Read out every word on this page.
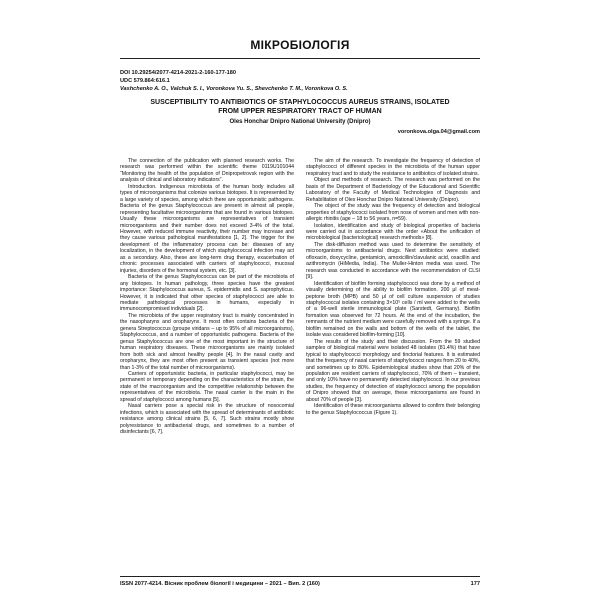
МІКРОБІОЛОГІЯ
DOI 10.29254/2077-4214-2021-2-160-177-180
UDC 579.864:616.1
Vashchenko A. O., Valchuk S. I., Voronkova Yu. S., Shevchenko T. M., Voronkova O. S.
SUSCEPTIBILITY TO ANTIBIOTICS OF STAPHYLOCOCCUS AUREUS STRAINS, ISOLATED
FROM UPPER RESPIRATORY TRACT OF HUMAN
Oles Honchar Dnipro National University (Dnipro)
voronkova.olga.04@gmail.com

The connection of the publication with planned research works. The research was performed within the scientific theme 0119U101044 “Monitoring the health of the population of Dnipropetrovsk region with the analysis of clinical and laboratory indicators”.

Introduction. Indigenous microbiota of the human body includes all types of microorganisms that colonize various biotopes. It is represented by a large variety of species, among which there are opportunistic pathogens. Bacteria of the genus Staphylococcus are present in almost all people, representing facultative microorganisms that are found in various biotopes. Usually these microorganisms are representatives of transient microorganisms and their number does not exceed 3-4% of the total. However, with reduced immune reactivity, their number may increase and they cause various pathological manifestations [1, 2]. The trigger for the development of the inflammatory process can be: diseases of any localization, in the development of which staphylococcal infection may act as a secondary. Also, these are long-term drug therapy, exacerbation of chronic processes associated with carriers of staphylococci, mucosal injuries, disorders of the hormonal system, etc. [3].

Bacteria of the genus Staphylococcus can be part of the microbiota of any biotopes. In human pathology, three species have the greatest importance: Staphylococcus aureus, S. epidermidis and S. saprophyticus. However, it is indicated that other species of staphylococci are able to mediate pathological processes in humans, especially in immunocompromised individuals [2].

The microbiota of the upper respiratory tract is mainly concentrated in the nasopharynx and oropharynx. It most often contains bacteria of the genera Streptococcus (groupe viridans – up to 95% of all microorganisms), Staphylococcus, and a number of opportunistic pathogens. Bacteria of the genus Staphylococcus are one of the most important in the structure of human respiratory diseases. These microorganisms are mainly isolated from both sick and almost healthy people [4]. In the nasal cavity and oropharynx, they are most often present as transient species (not more than 1-3% of the total number of microorganisms).

Carriers of opportunistic bacteria, in particular staphylococci, may be permanent or temporary depending on the characteristics of the strain, the state of the macroorganism and the competitive relationship between the representatives of the microbiota. The nasal carrier is the main in the spread of staphylococci among humans [5].

Nasal carriers pose a special risk in the structure of nosocomial infections, which is associated with the spread of determinants of antibiotic resistance among clinical strains [5, 6, 7]. Such strains mostly show polyresistance to antibacterial drugs, and sometimes to a number of disinfectants [6, 7].

The aim of the research. To investigate the frequency of detection of staphylococci of different species in the microbiota of the human upper respiratory tract and to study the resistance to antibiotics of isolated strains.

Object and methods of research. The research was performed on the basis of the Department of Bacteriology of the Educational and Scientific Laboratory of the Faculty of Medical Technologies of Diagnosis and Rehabilitation of Oles Honchar Dnipro National University (Dnipro).

The object of the study was the frequency of detection and biological properties of staphylococci isolated from nose of women and men with non-allergic rhinitis (age – 18 to 56 years, n=59).

Isolation, identification and study of biological properties of bacteria were carried out in accordance with the order «About the unification of microbiological (bacteriological) research methods» [8].

The disk-diffusion method was used to determine the sensitivity of microorganisms to antibacterial drugs. Next antibiotics were studied: ofloxacin, doxycycline, gentamicin, amoxicillin/clavulanic acid, oxacillin and azithromycin (HiMedia, India). The Muller-Hinton media was used. The research was conducted in accordance with the recommendation of CLSI [9].

Identification of biofilm forming staphylococci was done by a method of visually determining of the ability to biofilm formation. 200 μl of meat-peptone broth (MPB) and 50 μl of cell culture suspension of studies staphylococcal isolates containing 3×10⁵ cells / ml were added to the wells of a 96-well sterile immunological plate (Sarstedt, Germany). Biofilm formation was observed for 72 hours. At the end of the incubation, the remnants of the nutrient medium were carefully removed with a syringe. If a biofilm remained on the walls and bottom of the wells of the tablet, the isolate was considered biofilm-forming [10].

The results of the study and their discussion. From the 59 studied samples of biological material were isolated 48 isolates (81.4%) that have typical to staphylococci morphology and tinctorial features. It is estimated that the frequency of nasal carriers of staphylococci ranges from 20 to 40%, and sometimes up to 80%. Epidemiological studies show that 20% of the population are resident carriers of staphylococci, 70% of them – transient, and only 10% have no permanently detected staphylococci. In our previous studies, the frequency of detection of staphylococci among the population of Dnipro showed that on average, these microorganisms are found in about 70% of people [3].

Identification of these microorganisms allowed to confirm their belonging to the genus Staphylococcus (Figure 1).

ISSN 2077-4214. Вісник проблем біології і медицини – 2021 – Вип. 2 (160)	177
